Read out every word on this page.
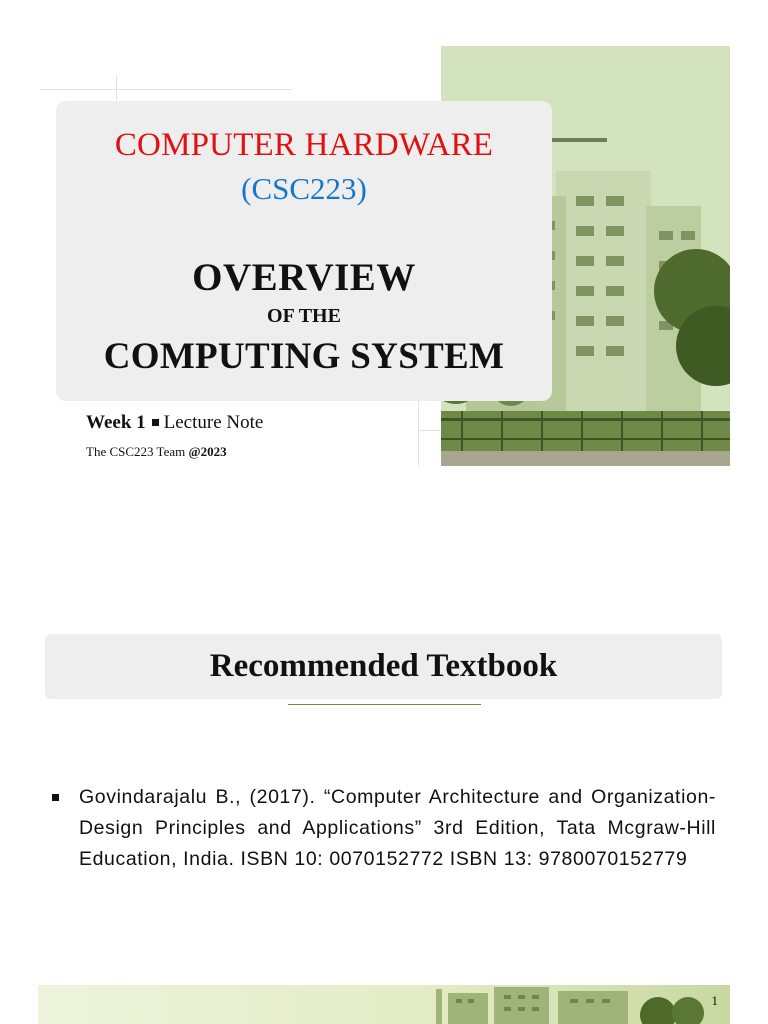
COMPUTER HARDWARE
(CSC223)
OVERVIEW
OF THE
COMPUTING SYSTEM
Week 1 Lecture Note
The CSC223 Team @2023
Recommended Textbook
Govindarajalu B., (2017). “Computer Architecture and Organization- Design Principles and Applications” 3rd Edition, Tata Mcgraw-Hill Education, India. ISBN 10: 0070152772 ISBN 13: 9780070152779
1
